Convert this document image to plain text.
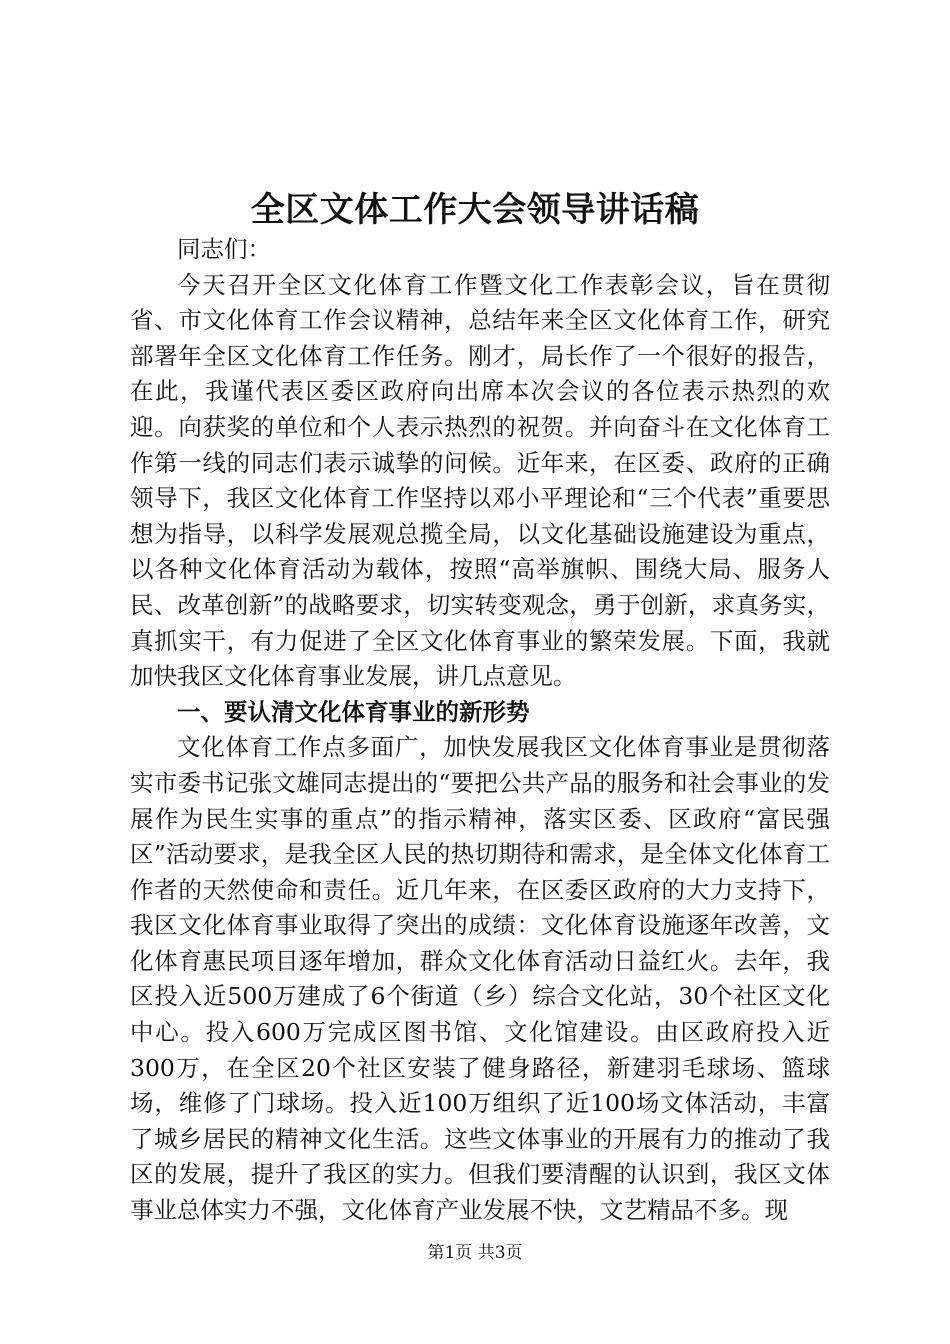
全区文体工作大会领导讲话稿

同志们：

今天召开全区文化体育工作暨文化工作表彰会议，旨在贯彻省、市文化体育工作会议精神，总结年来全区文化体育工作，研究部署年全区文化体育工作任务。刚才，局长作了一个很好的报告，在此，我谨代表区委区政府向出席本次会议的各位表示热烈的欢迎。向获奖的单位和个人表示热烈的祝贺。并向奋斗在文化体育工作第一线的同志们表示诚挚的问候。近年来，在区委、政府的正确领导下，我区文化体育工作坚持以邓小平理论和“三个代表”重要思想为指导，以科学发展观总揽全局，以文化基础设施建设为重点，以各种文化体育活动为载体，按照“高举旗帜、围绕大局、服务人民、改革创新”的战略要求，切实转变观念，勇于创新，求真务实，真抓实干，有力促进了全区文化体育事业的繁荣发展。下面，我就加快我区文化体育事业发展，讲几点意见。

一、要认清文化体育事业的新形势

文化体育工作点多面广，加快发展我区文化体育事业是贯彻落实市委书记张文雄同志提出的“要把公共产品的服务和社会事业的发展作为民生实事的重点”的指示精神，落实区委、区政府“富民强区”活动要求，是我全区人民的热切期待和需求，是全体文化体育工作者的天然使命和责任。近几年来，在区委区政府的大力支持下，我区文化体育事业取得了突出的成绩：文化体育设施逐年改善，文化体育惠民项目逐年增加，群众文化体育活动日益红火。去年，我区投入近500万建成了6个街道（乡）综合文化站，30个社区文化中心。投入600万完成区图书馆、文化馆建设。由区政府投入近300万，在全区20个社区安装了健身路径，新建羽毛球场、篮球场，维修了门球场。投入近100万组织了近100场文体活动，丰富了城乡居民的精神文化生活。这些文体事业的开展有力的推动了我区的发展，提升了我区的实力。但我们要清醒的认识到，我区文体事业总体实力不强，文化体育产业发展不快，文艺精品不多。现

第1页 共3页
